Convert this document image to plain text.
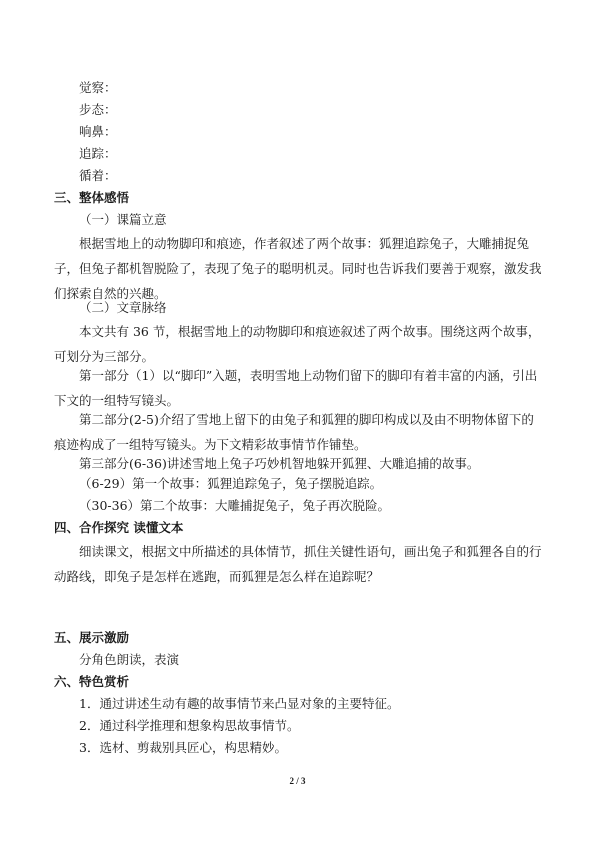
觉察：
步态：
响鼻：
追踪：
循着：
三、整体感悟
（一）课篇立意
根据雪地上的动物脚印和痕迹，作者叙述了两个故事：狐狸追踪兔子，大雕捕捉兔子，但兔子都机智脱险了，表现了兔子的聪明机灵。同时也告诉我们要善于观察，激发我们探索自然的兴趣。
（二）文章脉络
本文共有 36 节，根据雪地上的动物脚印和痕迹叙述了两个故事。围绕这两个故事，可划分为三部分。
第一部分（1）以“脚印”入题，表明雪地上动物们留下的脚印有着丰富的内涵，引出下文的一组特写镜头。
第二部分(2-5)介绍了雪地上留下的由兔子和狐狸的脚印构成以及由不明物体留下的痕迹构成了一组特写镜头。为下文精彩故事情节作铺垫。
第三部分(6-36)讲述雪地上兔子巧妙机智地躲开狐狸、大雕追捕的故事。
（6-29）第一个故事：狐狸追踪兔子，兔子摆脱追踪。
（30-36）第二个故事：大雕捕捉兔子，兔子再次脱险。
四、合作探究 读懂文本
细读课文，根据文中所描述的具体情节，抓住关键性语句，画出兔子和狐狸各自的行动路线，即兔子是怎样在逃跑，而狐狸是怎么样在追踪呢？
五、展示激励
分角色朗读，表演
六、特色赏析
1．通过讲述生动有趣的故事情节来凸显对象的主要特征。
2．通过科学推理和想象构思故事情节。
3．选材、剪裁别具匠心，构思精妙。
2 / 3
